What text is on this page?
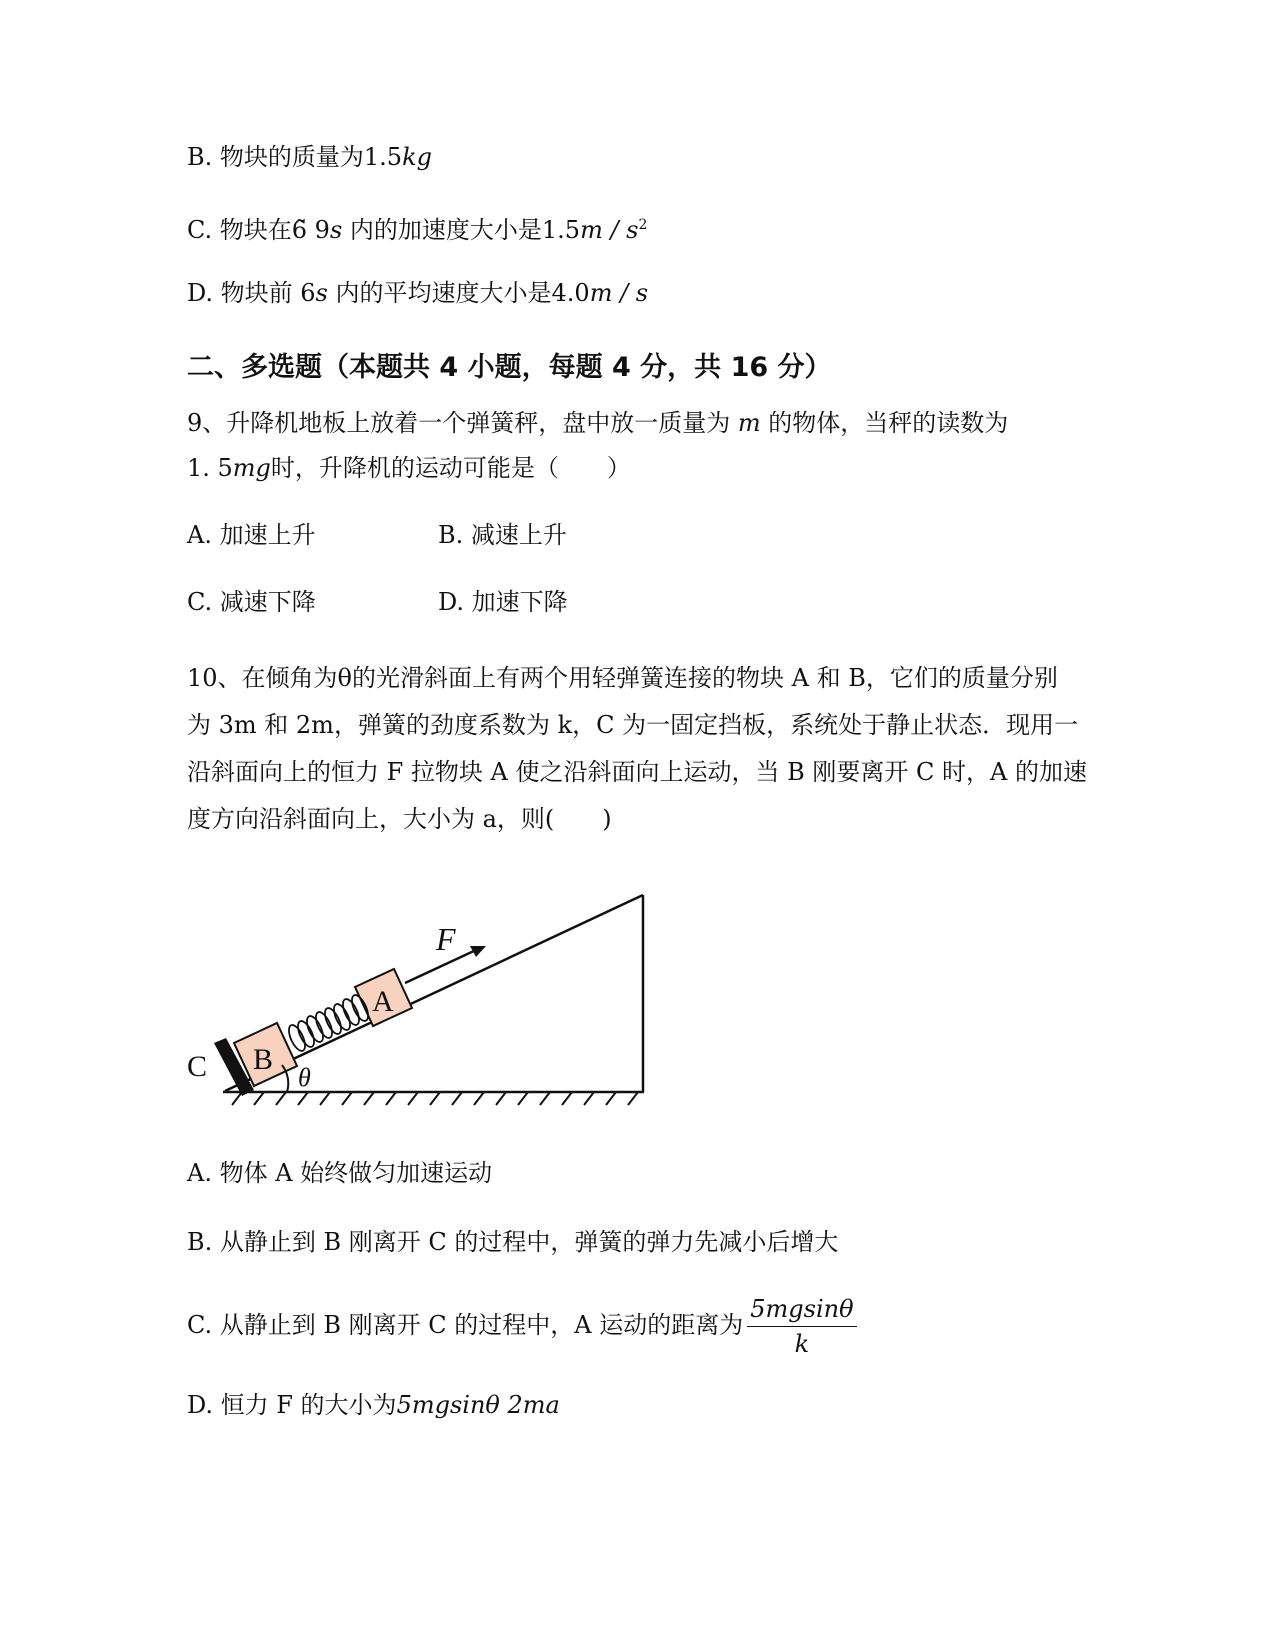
B. 物块的质量为1.5kg
C. 物块在6̃ 9s 内的加速度大小是$1.5m / s^2$
D. 物块前 6s 内的平均速度大小是4.0m / s
二、多选题（本题共 4 小题，每题 4 分，共 16 分）
9、升降机地板上放着一个弹簧秤，盘中放一质量为 m 的物体，当秤的读数为
1. 5mg时，升降机的运动可能是（　　）
A. 加速上升	B. 减速上升
C. 减速下降	D. 加速下降
10、在倾角为θ的光滑斜面上有两个用轻弹簧连接的物块 A 和 B，它们的质量分别
为 3m 和 2m，弹簧的劲度系数为 k，C 为一固定挡板，系统处于静止状态．现用一
沿斜面向上的恒力 F 拉物块 A 使之沿斜面向上运动，当 B 刚要离开 C 时，A 的加速
度方向沿斜面向上，大小为 a，则(　　)
F
A
B
C	θ
A. 物体 A 始终做匀加速运动
B. 从静止到 B 刚离开 C 的过程中，弹簧的弹力先减小后增大
C. 从静止到 B 刚离开 C 的过程中，A 运动的距离为 $\frac{5mgsin\theta}{k}$
D. 恒力 F 的大小为5mgsinθ 2ma
